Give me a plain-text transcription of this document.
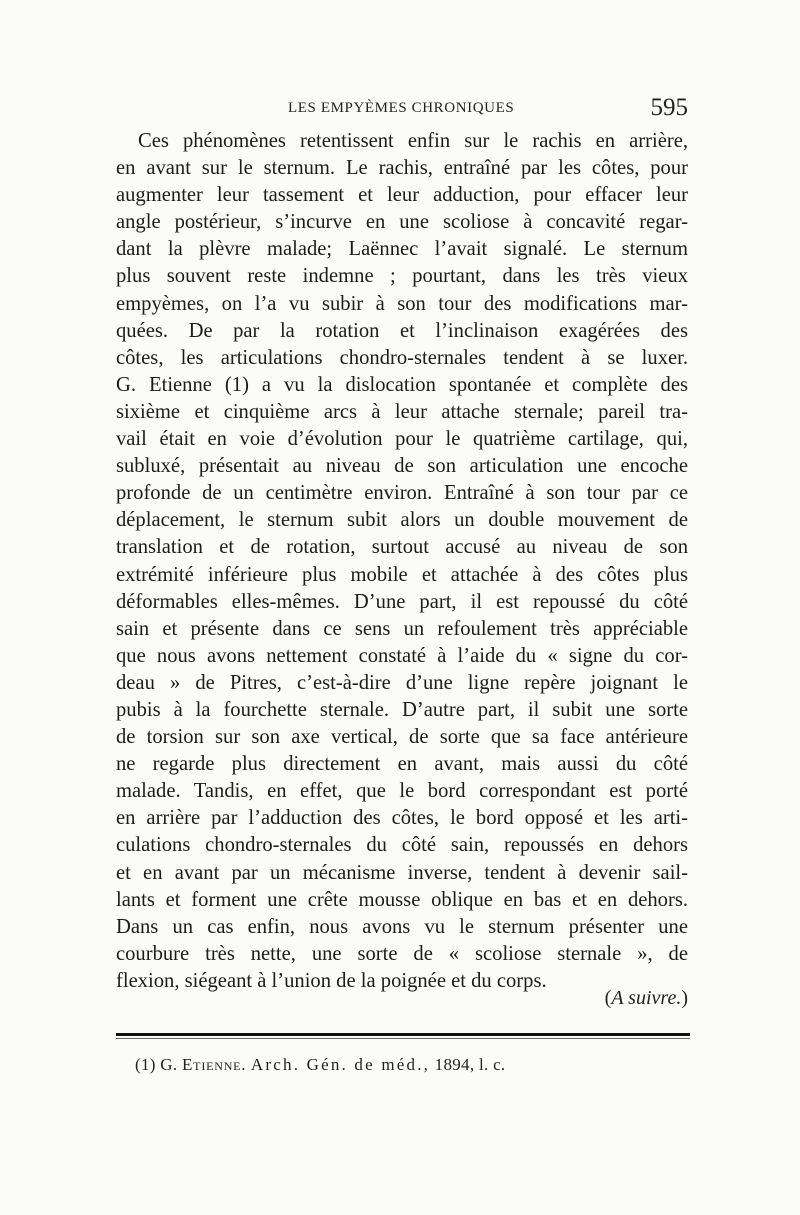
LES EMPYÈMES CHRONIQUES	595
Ces phénomènes retentissent enfin sur le rachis en arrière,
en avant sur le sternum. Le rachis, entraîné par les côtes, pour
augmenter leur tassement et leur adduction, pour effacer leur
angle postérieur, s’incurve en une scoliose à concavité regar-
dant la plèvre malade; Laënnec l’avait signalé. Le sternum
plus souvent reste indemne ; pourtant, dans les très vieux
empyèmes, on l’a vu subir à son tour des modifications mar-
quées. De par la rotation et l’inclinaison exagérées des
côtes, les articulations chondro-sternales tendent à se luxer.
G. Etienne (1) a vu la dislocation spontanée et complète des
sixième et cinquième arcs à leur attache sternale; pareil tra-
vail était en voie d’évolution pour le quatrième cartilage, qui,
subluxé, présentait au niveau de son articulation une encoche
profonde de un centimètre environ. Entraîné à son tour par ce
déplacement, le sternum subit alors un double mouvement de
translation et de rotation, surtout accusé au niveau de son
extrémité inférieure plus mobile et attachée à des côtes plus
déformables elles-mêmes. D’une part, il est repoussé du côté
sain et présente dans ce sens un refoulement très appréciable
que nous avons nettement constaté à l’aide du « signe du cor-
deau » de Pitres, c’est-à-dire d’une ligne repère joignant le
pubis à la fourchette sternale. D’autre part, il subit une sorte
de torsion sur son axe vertical, de sorte que sa face antérieure
ne regarde plus directement en avant, mais aussi du côté
malade. Tandis, en effet, que le bord correspondant est porté
en arrière par l’adduction des côtes, le bord opposé et les arti-
culations chondro-sternales du côté sain, repoussés en dehors
et en avant par un mécanisme inverse, tendent à devenir sail-
lants et forment une crête mousse oblique en bas et en dehors.
Dans un cas enfin, nous avons vu le sternum présenter une
courbure très nette, une sorte de « scoliose sternale », de
flexion, siégeant à l’union de la poignée et du corps.
(A suivre.)
(1) G. Etienne. Arch. Gén. de méd., 1894, l. c.
